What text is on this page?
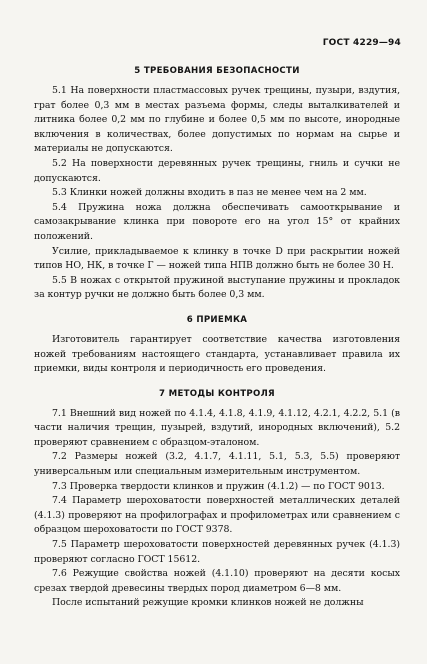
ГОСТ 4229—94
5 ТРЕБОВАНИЯ БЕЗОПАСНОСТИ

5.1 На поверхности пластмассовых ручек трещины, пузыри, вздутия, грат более 0,3 мм в местах разъема формы, следы выталкивателей и литника более 0,2 мм по глубине и более 0,5 мм по высоте, инородные включения в количествах, более допустимых по нормам на сырье и материалы не допускаются.

5.2 На поверхности деревянных ручек трещины, гниль и сучки не допускаются.

5.3 Клинки ножей должны входить в паз не менее чем на 2 мм.

5.4 Пружина ножа должна обеспечивать самооткрывание и самозакрывание клинка при повороте его на угол 15° от крайних положений.

Усилие, прикладываемое к клинку в точке D при раскрытии ножей типов НО, НК, в точке Г — ножей типа НПВ должно быть не более 30 Н.

5.5 В ножах с открытой пружиной выступание пружины и прокладок за контур ручки не должно быть более 0,3 мм.

6 ПРИЕМКА

Изготовитель гарантирует соответствие качества изготовления ножей требованиям настоящего стандарта, устанавливает правила их приемки, виды контроля и периодичность его проведения.

7 МЕТОДЫ КОНТРОЛЯ

7.1 Внешний вид ножей по 4.1.4, 4.1.8, 4.1.9, 4.1.12, 4.2.1, 4.2.2, 5.1 (в части наличия трещин, пузырей, вздутий, инородных включений), 5.2 проверяют сравнением с образцом-эталоном.

7.2 Размеры ножей (3.2, 4.1.7, 4.1.11, 5.1, 5.3, 5.5) проверяют универсальным или специальным измерительным инструментом.

7.3 Проверка твердости клинков и пружин (4.1.2) — по ГОСТ 9013.

7.4 Параметр шероховатости поверхностей металлических деталей (4.1.3) проверяют на профилографах и профилометрах или сравнением с образцом шероховатости по ГОСТ 9378.

7.5 Параметр шероховатости поверхностей деревянных ручек (4.1.3) проверяют согласно ГОСТ 15612.

7.6 Режущие свойства ножей (4.1.10) проверяют на десяти косых срезах твердой древесины твердых пород диаметром 6—8 мм.

После испытаний режущие кромки клинков ножей не должны
